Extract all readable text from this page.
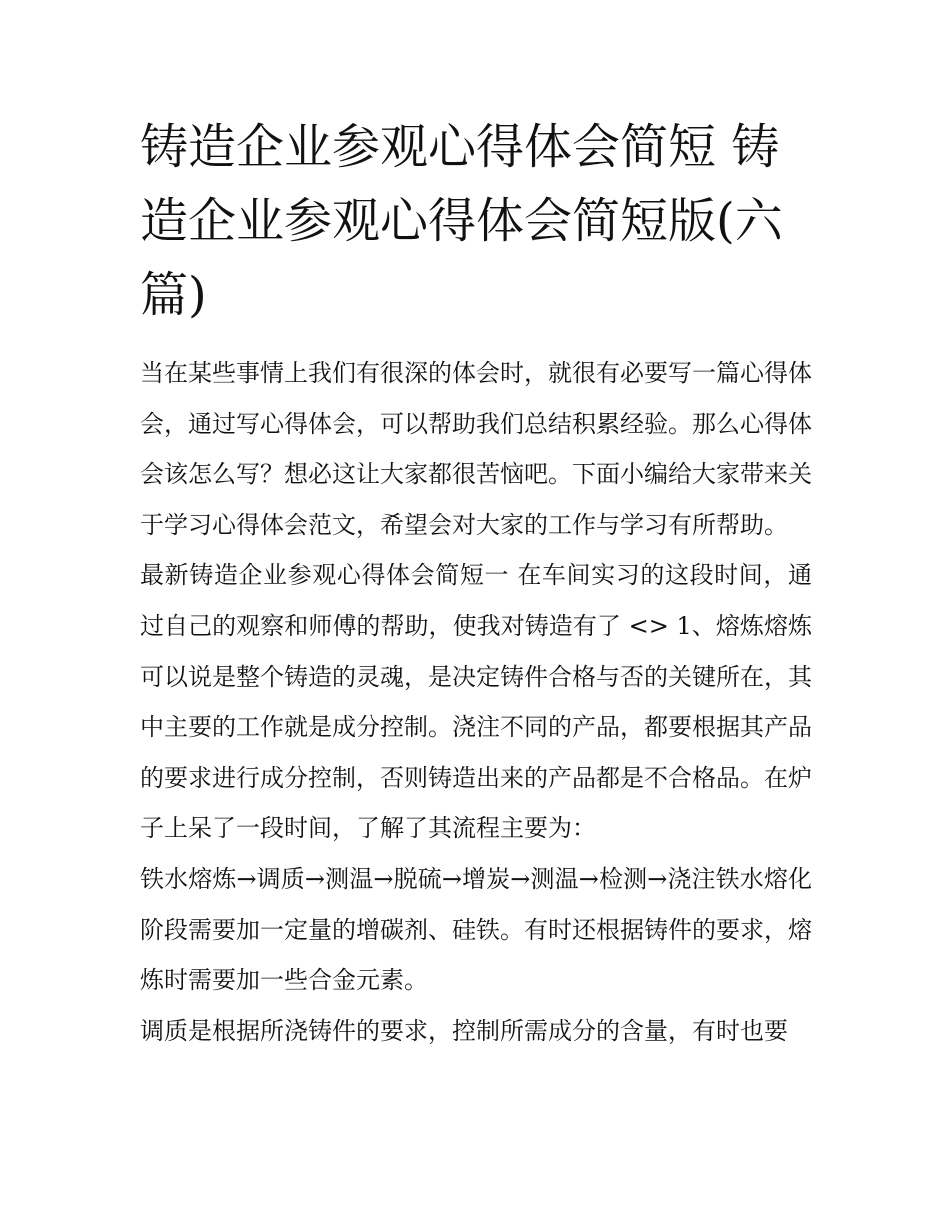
铸造企业参观心得体会简短 铸造企业参观心得体会简短版(六篇)

当在某些事情上我们有很深的体会时，就很有必要写一篇心得体会，通过写心得体会，可以帮助我们总结积累经验。那么心得体会该怎么写？想必这让大家都很苦恼吧。下面小编给大家带来关于学习心得体会范文，希望会对大家的工作与学习有所帮助。

最新铸造企业参观心得体会简短一 在车间实习的这段时间，通过自己的观察和师傅的帮助，使我对铸造有了 <> 1、熔炼熔炼可以说是整个铸造的灵魂，是决定铸件合格与否的关键所在，其中主要的工作就是成分控制。浇注不同的产品，都要根据其产品的要求进行成分控制，否则铸造出来的产品都是不合格品。在炉子上呆了一段时间，了解了其流程主要为：

铁水熔炼→调质→测温→脱硫→增炭→测温→检测→浇注铁水熔化阶段需要加一定量的增碳剂、硅铁。有时还根据铸件的要求，熔炼时需要加一些合金元素。

调质是根据所浇铸件的要求，控制所需成分的含量，有时也要
